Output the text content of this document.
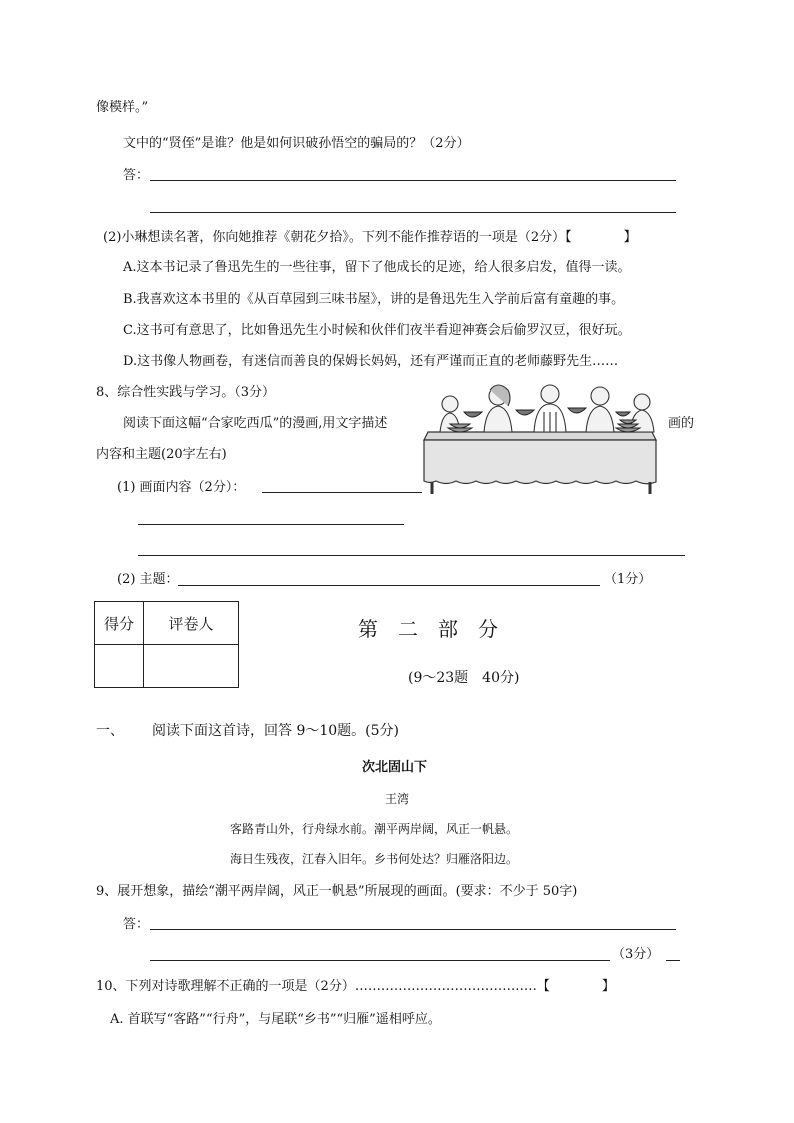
像模样。”
文中的“贤侄”是谁？他是如何识破孙悟空的骗局的？（2分）
答：
(2)小琳想读名著，你向她推荐《朝花夕拾》。下列不能作推荐语的一项是（2分）【　　　　】
A.这本书记录了鲁迅先生的一些往事，留下了他成长的足迹，给人很多启发，值得一读。
B.我喜欢这本书里的《从百草园到三味书屋》，讲的是鲁迅先生入学前后富有童趣的事。
C.这书可有意思了，比如鲁迅先生小时候和伙伴们夜半看迎神赛会后偷罗汉豆，很好玩。
D.这书像人物画卷，有迷信而善良的保姆长妈妈，还有严谨而正直的老师藤野先生……
8、综合性实践与学习。（3分）
阅读下面这幅“合家吃西瓜”的漫画,用文字描述	画的
内容和主题(20字左右)
(1) 画面内容（2分）：
(2) 主题：	（1分）
得分	评卷人
		第　二　部　分
(9～23题　40分)
一、 阅读下面这首诗，回答 9～10题。(5分)
次北固山下
王湾
客路青山外，行舟绿水前。潮平两岸阔，风正一帆悬。
海日生残夜，江春入旧年。乡书何处达？归雁洛阳边。
9、展开想象，描绘“潮平两岸阔，风正一帆悬”所展现的画面。(要求：不少于 50字)
答：
（3分）
10、下列对诗歌理解不正确的一项是（2分）……………………………………【　　　　】
A. 首联写“客路”“行舟”，与尾联“乡书”“归雁”遥相呼应。
